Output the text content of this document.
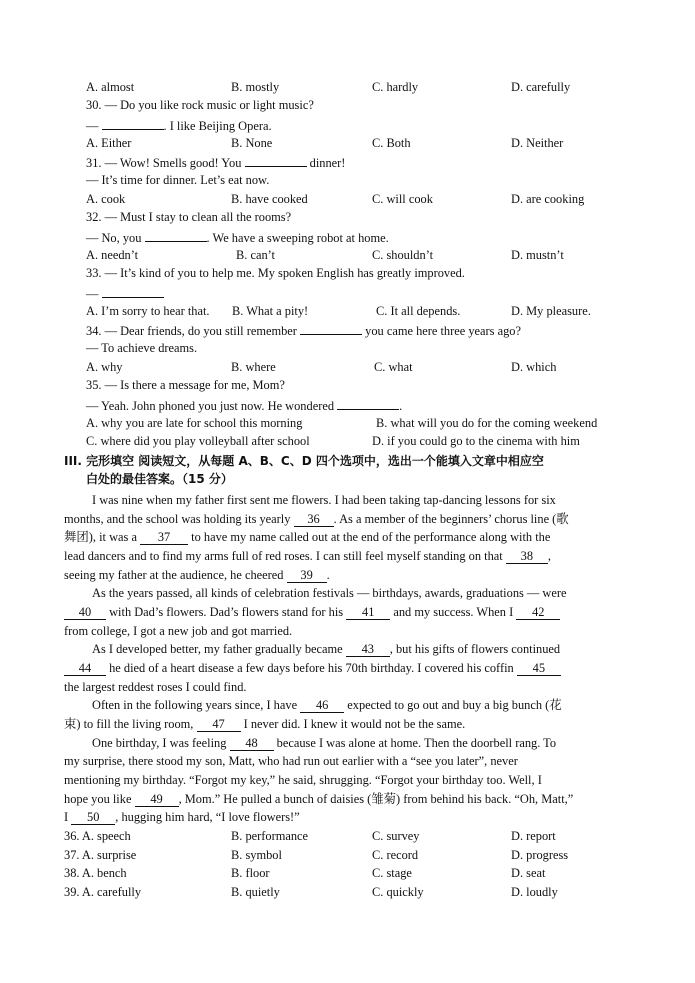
A. almost	B. mostly	C. hardly	D. carefully
30. — Do you like rock music or light music?
—	. I like Beijing Opera.
A. Either	B. None	C. Both	D. Neither
31. — Wow! Smells good! You	dinner!
— It’s time for dinner. Let’s eat now.
A. cook	B. have cooked	C. will cook	D. are cooking
32. — Must I stay to clean all the rooms?
— No, you	. We have a sweeping robot at home.
A. needn’t	B. can’t	C. shouldn’t	D. mustn’t
33. — It’s kind of you to help me. My spoken English has greatly improved.
—
A. I’m sorry to hear that. B. What a pity!	C. It all depends.	D. My pleasure.
34. — Dear friends, do you still remember	you came here three years ago?
— To achieve dreams.
A. why	B. where	C. what	D. which
35. — Is there a message for me, Mom?
— Yeah. John phoned you just now. He wondered	.
A. why you are late for school this morning	B. what will you do for the coming weekend
C. where did you play volleyball after school	D. if you could go to the cinema with him
III. 完形填空 阅读短文，从每题 A、B、C、D 四个选项中，选出一个能填入文章中相应空
白处的最佳答案。（15 分）
I was nine when my father first sent me flowers. I had been taking tap-dancing lessons for six
months, and the school was holding its yearly 36 . As a member of the beginners’ chorus line (歌
舞团), it was a 37 to have my name called out at the end of the performance along with the
lead dancers and to find my arms full of red roses. I can still feel myself standing on that 38 ,
seeing my father at the audience, he cheered 39 .
As the years passed, all kinds of celebration festivals — birthdays, awards, graduations — were
40 with Dad’s flowers. Dad’s flowers stand for his 41 and my success. When I 42
from college, I got a new job and got married.
As I developed better, my father gradually became 43 , but his gifts of flowers continued
44 he died of a heart disease a few days before his 70th birthday. I covered his coffin 45
the largest reddest roses I could find.
Often in the following years since, I have 46 expected to go out and buy a big bunch (花
束) to fill the living room, 47 I never did. I knew it would not be the same.
One birthday, I was feeling 48 because I was alone at home. Then the doorbell rang. To
my surprise, there stood my son, Matt, who had run out earlier with a “see you later”, never
mentioning my birthday. “Forgot my key,” he said, shrugging. “Forgot your birthday too. Well, I
hope you like 49 , Mom.” He pulled a bunch of daisies (雏菊) from behind his back. “Oh, Matt,”
I 50 , hugging him hard, “I love flowers!”
36. A. speech	B. performance	C. survey	D. report
37. A. surprise	B. symbol	C. record	D. progress
38. A. bench	B. floor	C. stage	D. seat
39. A. carefully	B. quietly	C. quickly	D. loudly
